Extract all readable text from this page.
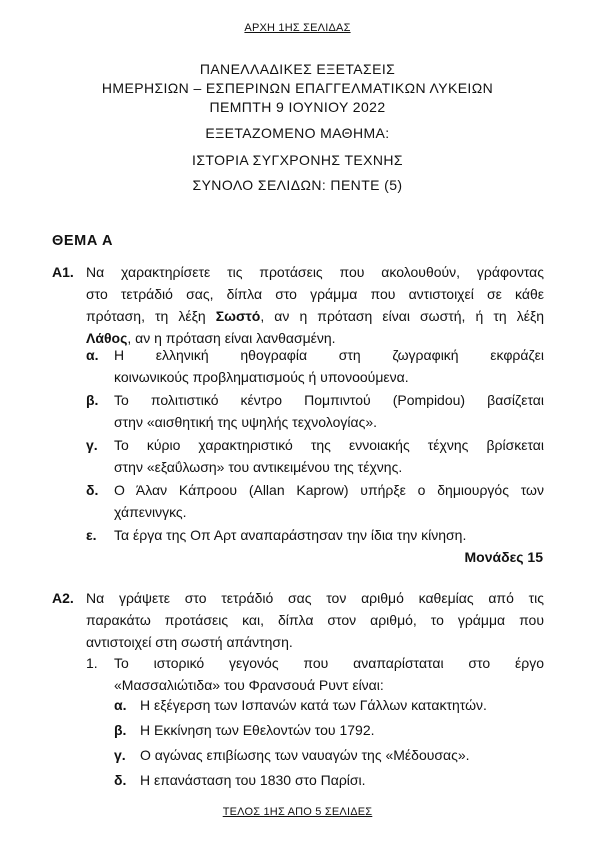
ΑΡΧΗ 1ΗΣ ΣΕΛΙΔΑΣ
ΠΑΝΕΛΛΑΔΙΚΕΣ ΕΞΕΤΑΣΕΙΣ
ΗΜΕΡΗΣΙΩΝ – ΕΣΠΕΡΙΝΩΝ ΕΠΑΓΓΕΛΜΑΤΙΚΩΝ ΛΥΚΕΙΩΝ
ΠΕΜΠΤΗ 9 ΙΟΥΝΙΟΥ 2022
ΕΞΕΤΑΖΟΜΕΝΟ ΜΑΘΗΜΑ:
ΙΣΤΟΡΙΑ ΣΥΓΧΡΟΝΗΣ ΤΕΧΝΗΣ
ΣΥΝΟΛΟ ΣΕΛΙΔΩΝ: ΠΕΝΤΕ (5)
ΘΕΜΑ Α
Α1. Να χαρακτηρίσετε τις προτάσεις που ακολουθούν, γράφοντας
στο τετράδιό σας, δίπλα στο γράμμα που αντιστοιχεί σε κάθε
πρόταση, τη λέξη Σωστό, αν η πρόταση είναι σωστή, ή τη λέξη
Λάθος, αν η πρόταση είναι λανθασμένη.
α. Η ελληνική ηθογραφία στη ζωγραφική εκφράζει
κοινωνικούς προβληματισμούς ή υπονοούμενα.
β. Το πολιτιστικό κέντρο Πομπιντού (Pompidou) βασίζεται
στην «αισθητική της υψηλής τεχνολογίας».
γ. Το κύριο χαρακτηριστικό της εννοιακής τέχνης βρίσκεται
στην «εξαΰλωση» του αντικειμένου της τέχνης.
δ. Ο Άλαν Κάπροου (Allan Kaprow) υπήρξε ο δημιουργός των
χάπενινγκς.
ε. Τα έργα της Οπ Αρτ αναπαράστησαν την ίδια την κίνηση.
Μονάδες 15
Α2. Να γράψετε στο τετράδιό σας τον αριθμό καθεμίας από τις
παρακάτω προτάσεις και, δίπλα στον αριθμό, το γράμμα που
αντιστοιχεί στη σωστή απάντηση.
1. Το ιστορικό γεγονός που αναπαρίσταται στο έργο
«Μασσαλιώτιδα» του Φρανσουά Ρυντ είναι:
α. Η εξέγερση των Ισπανών κατά των Γάλλων κατακτητών.
β. Η Εκκίνηση των Εθελοντών του 1792.
γ. Ο αγώνας επιβίωσης των ναυαγών της «Μέδουσας».
δ. Η επανάσταση του 1830 στο Παρίσι.
ΤΕΛΟΣ 1ΗΣ ΑΠΟ 5 ΣΕΛΙΔΕΣ
